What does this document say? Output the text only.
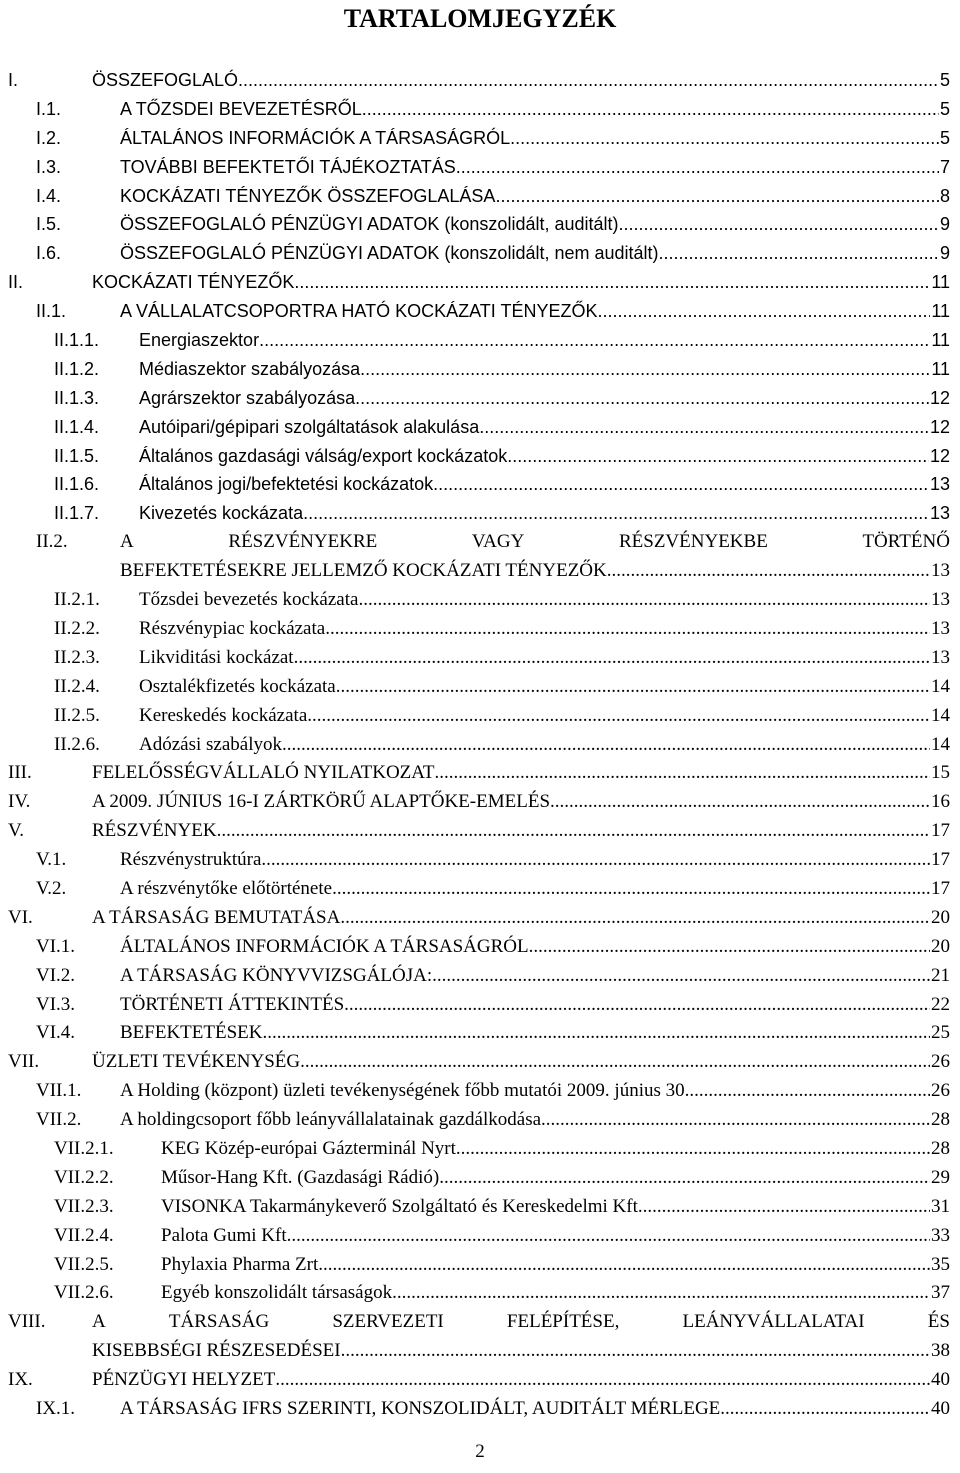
TARTALOMJEGYZÉK
I.	ÖSSZEFOGLALÓ .....	5
I.1.	A TŐZSDEI BEVEZETÉSRŐL .....	5
I.2.	ÁLTALÁNOS INFORMÁCIÓK A TÁRSASÁGRÓL .....	5
I.3.	TOVÁBBI BEFEKTETŐI TÁJÉKOZTATÁS .....	7
I.4.	KOCKÁZATI TÉNYEZŐK ÖSSZEFOGLALÁSA .....	8
I.5.	ÖSSZEFOGLALÓ PÉNZÜGYI ADATOK (konszolidált, auditált) .....	9
I.6.	ÖSSZEFOGLALÓ PÉNZÜGYI ADATOK (konszolidált, nem auditált) .....	9
II.	KOCKÁZATI TÉNYEZŐK .....	11
II.1.	A VÁLLALATCSOPORTRA HATÓ KOCKÁZATI TÉNYEZŐK .....	11
II.1.1. Energiaszektor .....	11
II.1.2. Médiaszektor szabályozása .....	11
II.1.3. Agrárszektor szabályozása .....	12
II.1.4. Autóipari/gépipari szolgáltatások alakulása .....	12
II.1.5. Általános gazdasági válság/export kockázatok .....	12
II.1.6. Általános jogi/befektetési kockázatok .....	13
II.1.7. Kivezetés kockázata .....	13
II.2.	A	RÉSZVÉNYEKRE	VAGY	RÉSZVÉNYEKBE	TÖRTÉNŐ
BEFEKTETÉSEKRE JELLEMZŐ KOCKÁZATI TÉNYEZŐK .....	13
II.2.1. Tőzsdei bevezetés kockázata .....	13
II.2.2. Részvénypiac kockázata .....	13
II.2.3. Likviditási kockázat .....	13
II.2.4. Osztalékfizetés kockázata .....	14
II.2.5. Kereskedés kockázata .....	14
II.2.6. Adózási szabályok .....	14
III.	FELELŐSSÉGVÁLLALÓ NYILATKOZAT .....	15
IV.	A 2009. JÚNIUS 16-I ZÁRTKÖRŰ ALAPTŐKE-EMELÉS .....	16
V.	RÉSZVÉNYEK .....	17
V.1.	Részvénystruktúra .....	17
V.2.	A részvénytőke előtörténete .....	17
VI.	A TÁRSASÁG BEMUTATÁSA .....	20
VI.1. ÁLTALÁNOS INFORMÁCIÓK A TÁRSASÁGRÓL .....	20
VI.2. A TÁRSASÁG KÖNYVVIZSGÁLÓJA: .....	21
VI.3. TÖRTÉNETI ÁTTEKINTÉS .....	22
VI.4. BEFEKTETÉSEK .....	25
VII.	ÜZLETI TEVÉKENYSÉG .....	26
VII.1. A Holding (központ) üzleti tevékenységének főbb mutatói 2009. június 30. .....	26
VII.2. A holdingcsoport főbb leányvállalatainak gazdálkodása .....	28
VII.2.1. KEG Közép-európai Gázterminál Nyrt. .....	28
VII.2.2. Műsor-Hang Kft. (Gazdasági Rádió) .....	29
VII.2.3. VISONKA Takarmánykeverő Szolgáltató és Kereskedelmi Kft. .....	31
VII.2.4. Palota Gumi Kft. .....	33
VII.2.5. Phylaxia Pharma Zrt. .....	35
VII.2.6. Egyéb konszolidált társaságok .....	37
VIII. A	TÁRSASÁG	SZERVEZETI	FELÉPÍTÉSE,	LEÁNYVÁLLALATAI	ÉS
KISEBBSÉGI RÉSZESEDÉSEI .....	38
IX.	PÉNZÜGYI HELYZET .....	40
IX.1. A TÁRSASÁG IFRS SZERINTI, KONSZOLIDÁLT, AUDITÁLT MÉRLEGE .....	40
2
